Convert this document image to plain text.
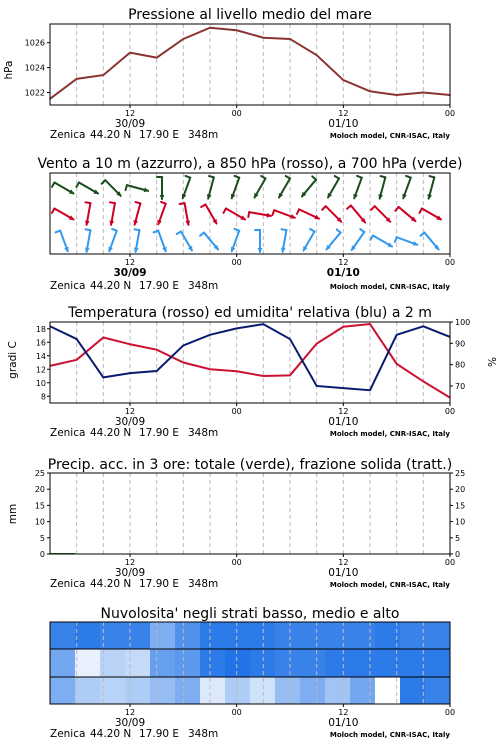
Pressione al livello medio del mare
hPa
1022
1024
1026
12	00	12	00
30/09	01/10
Zenica 44.20 N 17.90 E 348m	Moloch model, CNR-ISAC, Italy
Vento a 10 m (azzurro), a 850 hPa (rosso), a 700 hPa (verde)
12	00	12	00
30/09	01/10
Zenica 44.20 N 17.90 E 348m	Moloch model, CNR-ISAC, Italy
Temperatura (rosso) ed umidita' relativa (blu) a 2 m
gradi C	%
8
10
12
14
16
18
70
80
90
100
12	00	12	00
30/09	01/10
Zenica 44.20 N 17.90 E 348m	Moloch model, CNR-ISAC, Italy
Precip. acc. in 3 ore: totale (verde), frazione solida (tratt.)
mm
0	0
5	5
10	10
15	15
20	20
25	25
12	00	12	00
30/09	01/10
Zenica 44.20 N 17.90 E 348m	Moloch model, CNR-ISAC, Italy
Nuvolosita' negli strati basso, medio e alto
12	00	12	00
30/09	01/10
Zenica 44.20 N 17.90 E 348m	Moloch model, CNR-ISAC, Italy
